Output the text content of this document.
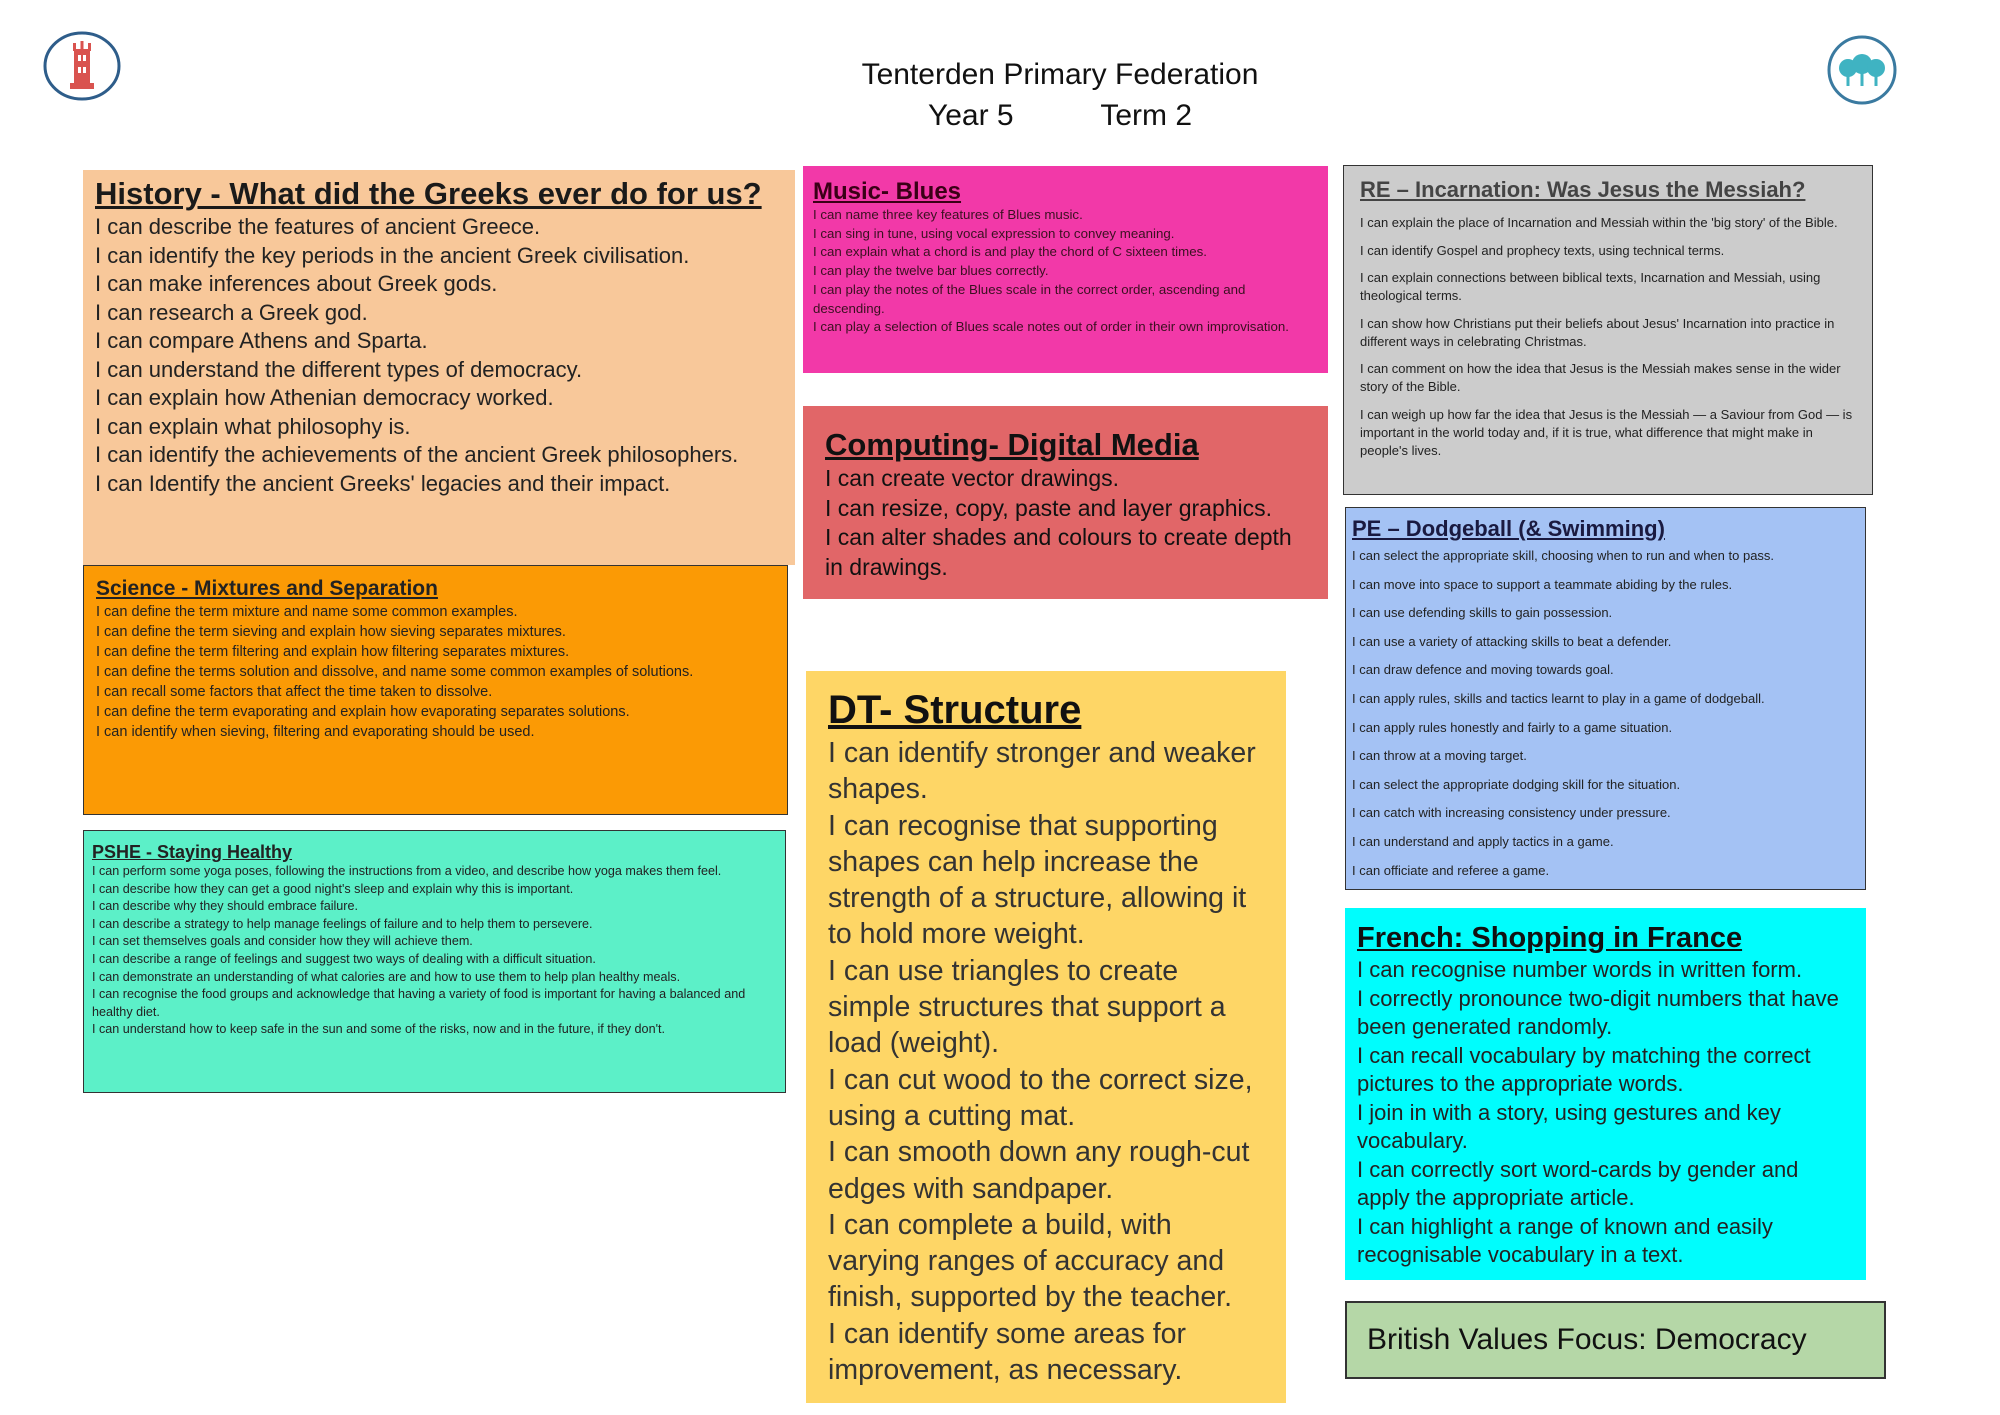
Tenterden Primary Federation
Year 5	Term 2
History - What did the Greeks ever do for us?
I can describe the features of ancient Greece.
I can identify the key periods in the ancient Greek civilisation.
I can make inferences about Greek gods.
I can research a Greek god.
I can compare Athens and Sparta.
I can understand the different types of democracy.
I can explain how Athenian democracy worked.
I can explain what philosophy is.
I can identify the achievements of the ancient Greek philosophers.
I can Identify the ancient Greeks' legacies and their impact.
Science - Mixtures and Separation
I can define the term mixture and name some common examples.
I can define the term sieving and explain how sieving separates mixtures.
I can define the term filtering and explain how filtering separates mixtures.
I can define the terms solution and dissolve, and name some common examples of solutions.
I can recall some factors that affect the time taken to dissolve.
I can define the term evaporating and explain how evaporating separates solutions.
I can identify when sieving, filtering and evaporating should be used.
PSHE - Staying Healthy
I can perform some yoga poses, following the instructions from a video, and describe how yoga makes them feel.
I can describe how they can get a good night's sleep and explain why this is important.
I can describe why they should embrace failure.
I can describe a strategy to help manage feelings of failure and to help them to persevere.
I can set themselves goals and consider how they will achieve them.
I can describe a range of feelings and suggest two ways of dealing with a difficult situation.
I can demonstrate an understanding of what calories are and how to use them to help plan healthy meals.
I can recognise the food groups and acknowledge that having a variety of food is important for having a balanced and healthy diet.
I can understand how to keep safe in the sun and some of the risks, now and in the future, if they don't.
Music- Blues
I can name three key features of Blues music.
I can sing in tune, using vocal expression to convey meaning.
I can explain what a chord is and play the chord of C sixteen times.
I can play the twelve bar blues correctly.
I can play the notes of the Blues scale in the correct order, ascending and descending.
I can play a selection of Blues scale notes out of order in their own improvisation.
Computing- Digital Media
I can create vector drawings.
I can resize, copy, paste and layer graphics.
I can alter shades and colours to create depth in drawings.
DT- Structure
I can identify stronger and weaker shapes.
I can recognise that supporting shapes can help increase the strength of a structure, allowing it to hold more weight.
I can use triangles to create simple structures that support a load (weight).
I can cut wood to the correct size, using a cutting mat.
I can smooth down any rough-cut edges with sandpaper.
I can complete a build, with varying ranges of accuracy and finish, supported by the teacher.
I can identify some areas for improvement, as necessary.
RE – Incarnation: Was Jesus the Messiah?
I can explain the place of Incarnation and Messiah within the 'big story' of the Bible.
I can identify Gospel and prophecy texts, using technical terms.
I can explain connections between biblical texts, Incarnation and Messiah, using theological terms.
I can show how Christians put their beliefs about Jesus' Incarnation into practice in different ways in celebrating Christmas.
I can comment on how the idea that Jesus is the Messiah makes sense in the wider story of the Bible.
I can weigh up how far the idea that Jesus is the Messiah — a Saviour from God — is important in the world today and, if it is true, what difference that might make in people's lives.
PE – Dodgeball (& Swimming)
I can select the appropriate skill, choosing when to run and when to pass.
I can move into space to support a teammate abiding by the rules.
I can use defending skills to gain possession.
I can use a variety of attacking skills to beat a defender.
I can draw defence and moving towards goal.
I can apply rules, skills and tactics learnt to play in a game of dodgeball.
I can apply rules honestly and fairly to a game situation.
I can throw at a moving target.
I can select the appropriate dodging skill for the situation.
I can catch with increasing consistency under pressure.
I can understand and apply tactics in a game.
I can officiate and referee a game.
French: Shopping in France
I can recognise number words in written form.
I correctly pronounce two-digit numbers that have been generated randomly.
I can recall vocabulary by matching the correct pictures to the appropriate words.
I join in with a story, using gestures and key vocabulary.
I can correctly sort word-cards by gender and apply the appropriate article.
I can highlight a range of known and easily recognisable vocabulary in a text.
British Values Focus: Democracy
